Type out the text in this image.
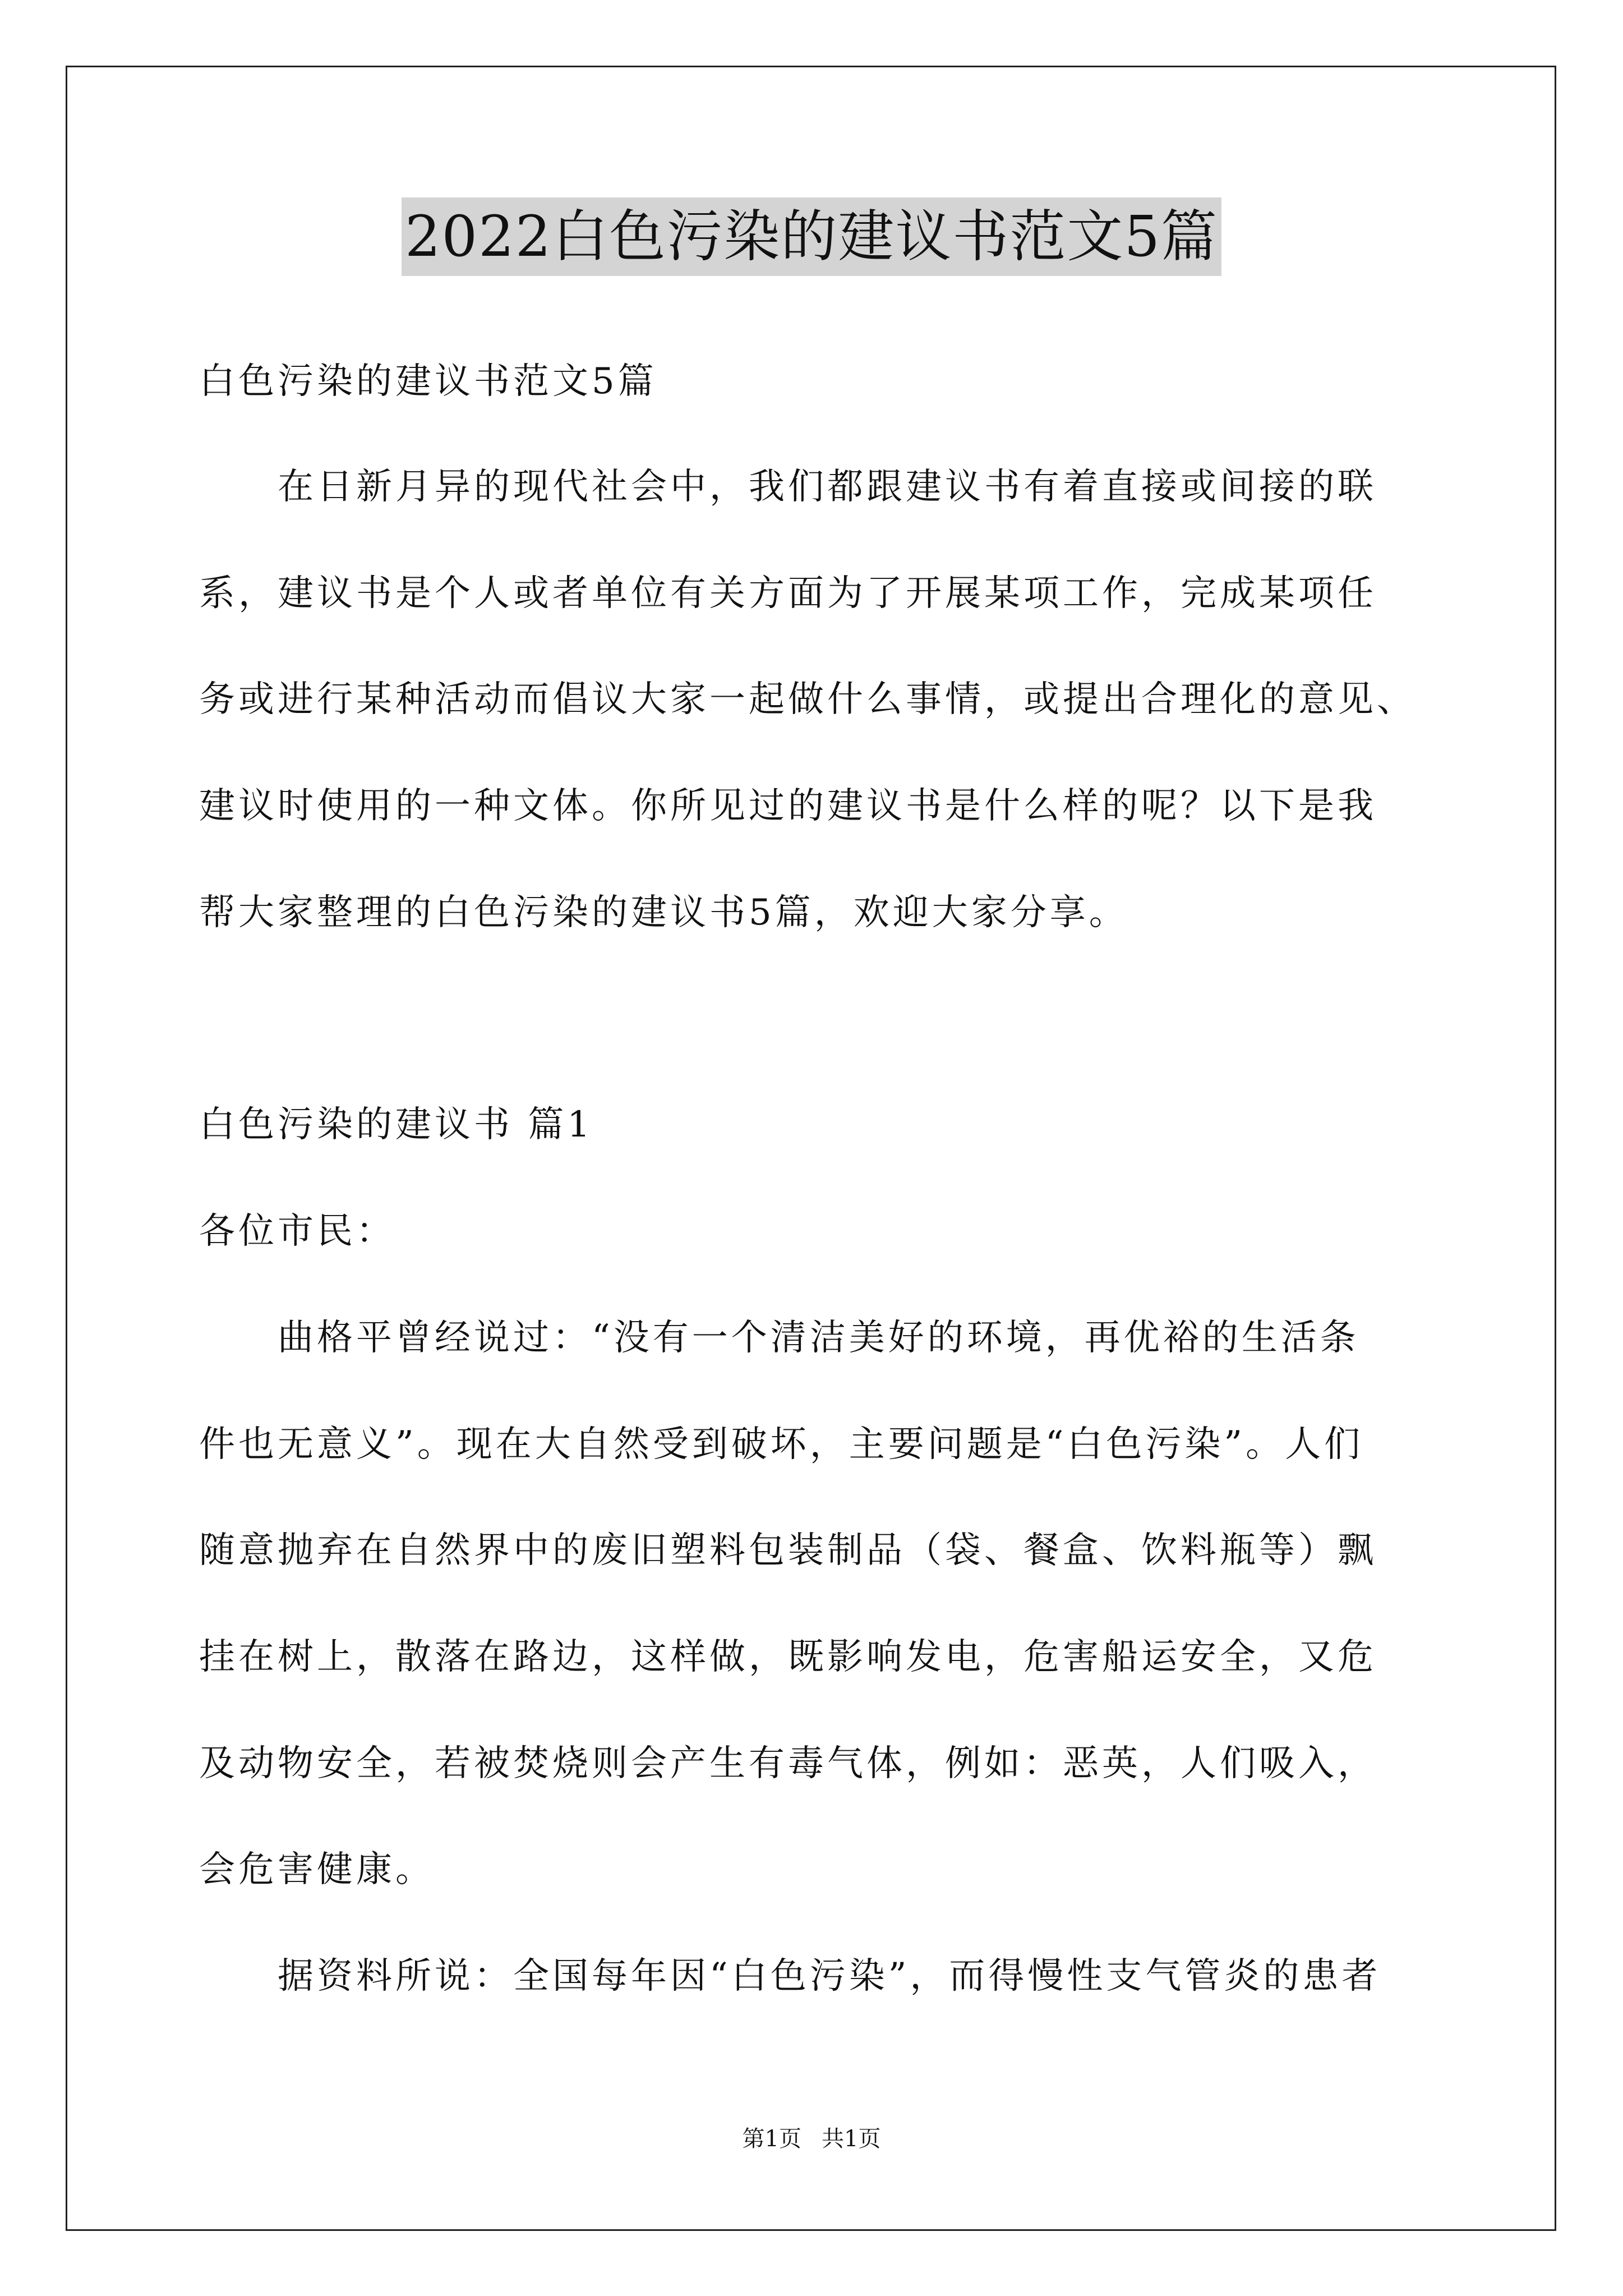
2022白色污染的建议书范文5篇
白色污染的建议书范文5篇
　　在日新月异的现代社会中，我们都跟建议书有着直接或间接的联
系，建议书是个人或者单位有关方面为了开展某项工作，完成某项任
务或进行某种活动而倡议大家一起做什么事情，或提出合理化的意见、
建议时使用的一种文体。你所见过的建议书是什么样的呢？以下是我
帮大家整理的白色污染的建议书5篇，欢迎大家分享。
白色污染的建议书 篇1
各位市民：
　　曲格平曾经说过：“没有一个清洁美好的环境，再优裕的生活条
件也无意义”。现在大自然受到破坏，主要问题是“白色污染”。人们
随意抛弃在自然界中的废旧塑料包装制品（袋、餐盒、饮料瓶等）飘
挂在树上，散落在路边，这样做，既影响发电，危害船运安全，又危
及动物安全，若被焚烧则会产生有毒气体，例如：恶英，人们吸入，
会危害健康。
　　据资料所说：全国每年因“白色污染”，而得慢性支气管炎的患者
第1页 共1页
